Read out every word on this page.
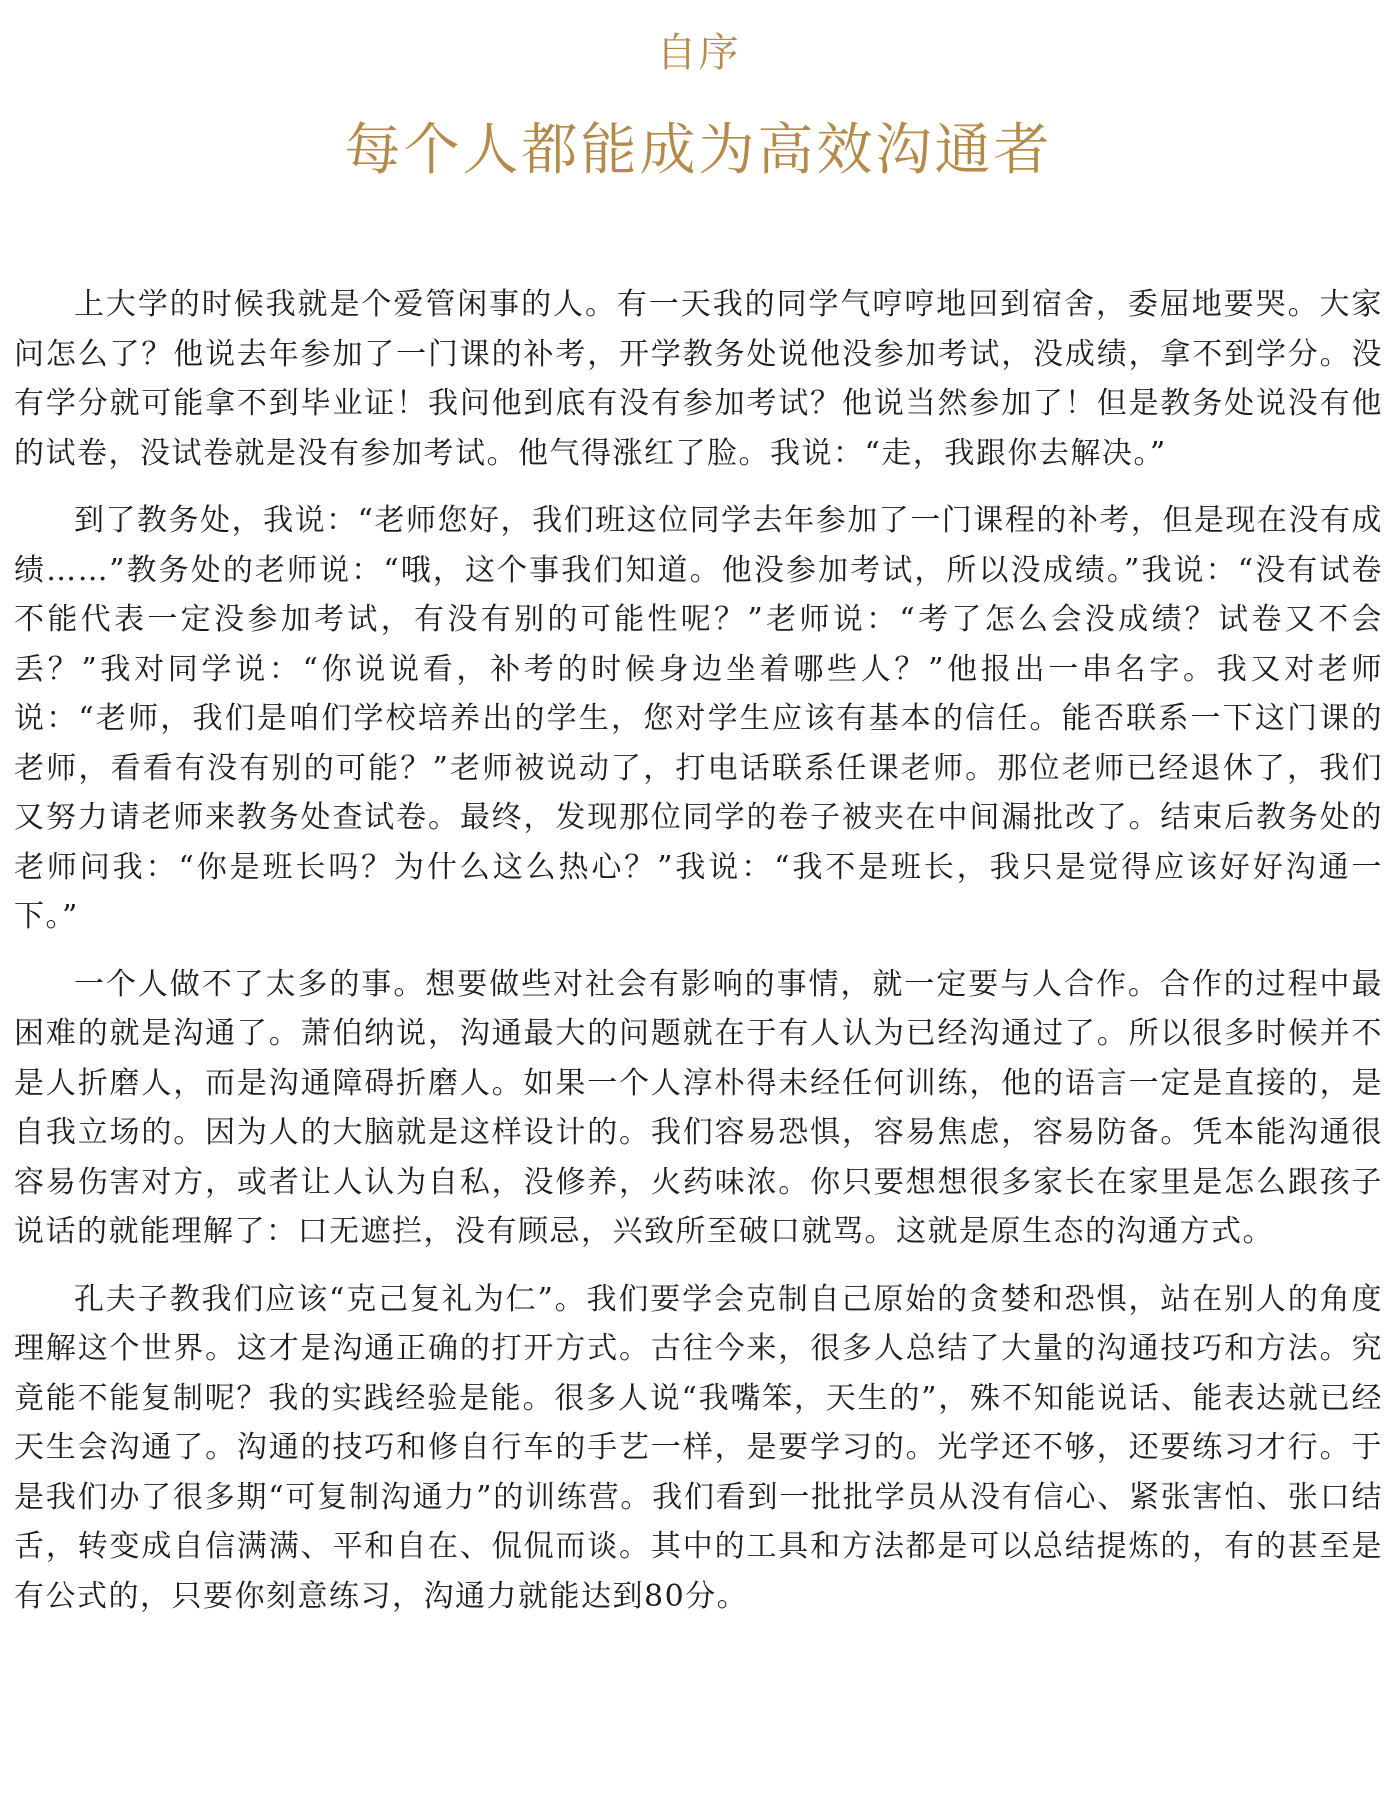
自序
每个人都能成为高效沟通者

上大学的时候我就是个爱管闲事的人。有一天我的同学气哼哼地回到宿舍，委屈地要哭。大家问怎么了？他说去年参加了一门课的补考，开学教务处说他没参加考试，没成绩，拿不到学分。没有学分就可能拿不到毕业证！我问他到底有没有参加考试？他说当然参加了！但是教务处说没有他的试卷，没试卷就是没有参加考试。他气得涨红了脸。我说：“走，我跟你去解决。”

到了教务处，我说：“老师您好，我们班这位同学去年参加了一门课程的补考，但是现在没有成绩……”教务处的老师说：“哦，这个事我们知道。他没参加考试，所以没成绩。”我说：“没有试卷不能代表一定没参加考试，有没有别的可能性呢？”老师说：“考了怎么会没成绩？试卷又不会丢？”我对同学说：“你说说看，补考的时候身边坐着哪些人？”他报出一串名字。我又对老师说：“老师，我们是咱们学校培养出的学生，您对学生应该有基本的信任。能否联系一下这门课的老师，看看有没有别的可能？”老师被说动了，打电话联系任课老师。那位老师已经退休了，我们又努力请老师来教务处查试卷。最终，发现那位同学的卷子被夹在中间漏批改了。结束后教务处的老师问我：“你是班长吗？为什么这么热心？”我说：“我不是班长，我只是觉得应该好好沟通一下。”

一个人做不了太多的事。想要做些对社会有影响的事情，就一定要与人合作。合作的过程中最困难的就是沟通了。萧伯纳说，沟通最大的问题就在于有人认为已经沟通过了。所以很多时候并不是人折磨人，而是沟通障碍折磨人。如果一个人淳朴得未经任何训练，他的语言一定是直接的，是自我立场的。因为人的大脑就是这样设计的。我们容易恐惧，容易焦虑，容易防备。凭本能沟通很容易伤害对方，或者让人认为自私，没修养，火药味浓。你只要想想很多家长在家里是怎么跟孩子说话的就能理解了：口无遮拦，没有顾忌，兴致所至破口就骂。这就是原生态的沟通方式。

孔夫子教我们应该“克己复礼为仁”。我们要学会克制自己原始的贪婪和恐惧，站在别人的角度理解这个世界。这才是沟通正确的打开方式。古往今来，很多人总结了大量的沟通技巧和方法。究竟能不能复制呢？我的实践经验是能。很多人说“我嘴笨，天生的”，殊不知能说话、能表达就已经天生会沟通了。沟通的技巧和修自行车的手艺一样，是要学习的。光学还不够，还要练习才行。于是我们办了很多期“可复制沟通力”的训练营。我们看到一批批学员从没有信心、紧张害怕、张口结舌，转变成自信满满、平和自在、侃侃而谈。其中的工具和方法都是可以总结提炼的，有的甚至是有公式的，只要你刻意练习，沟通力就能达到80分。
